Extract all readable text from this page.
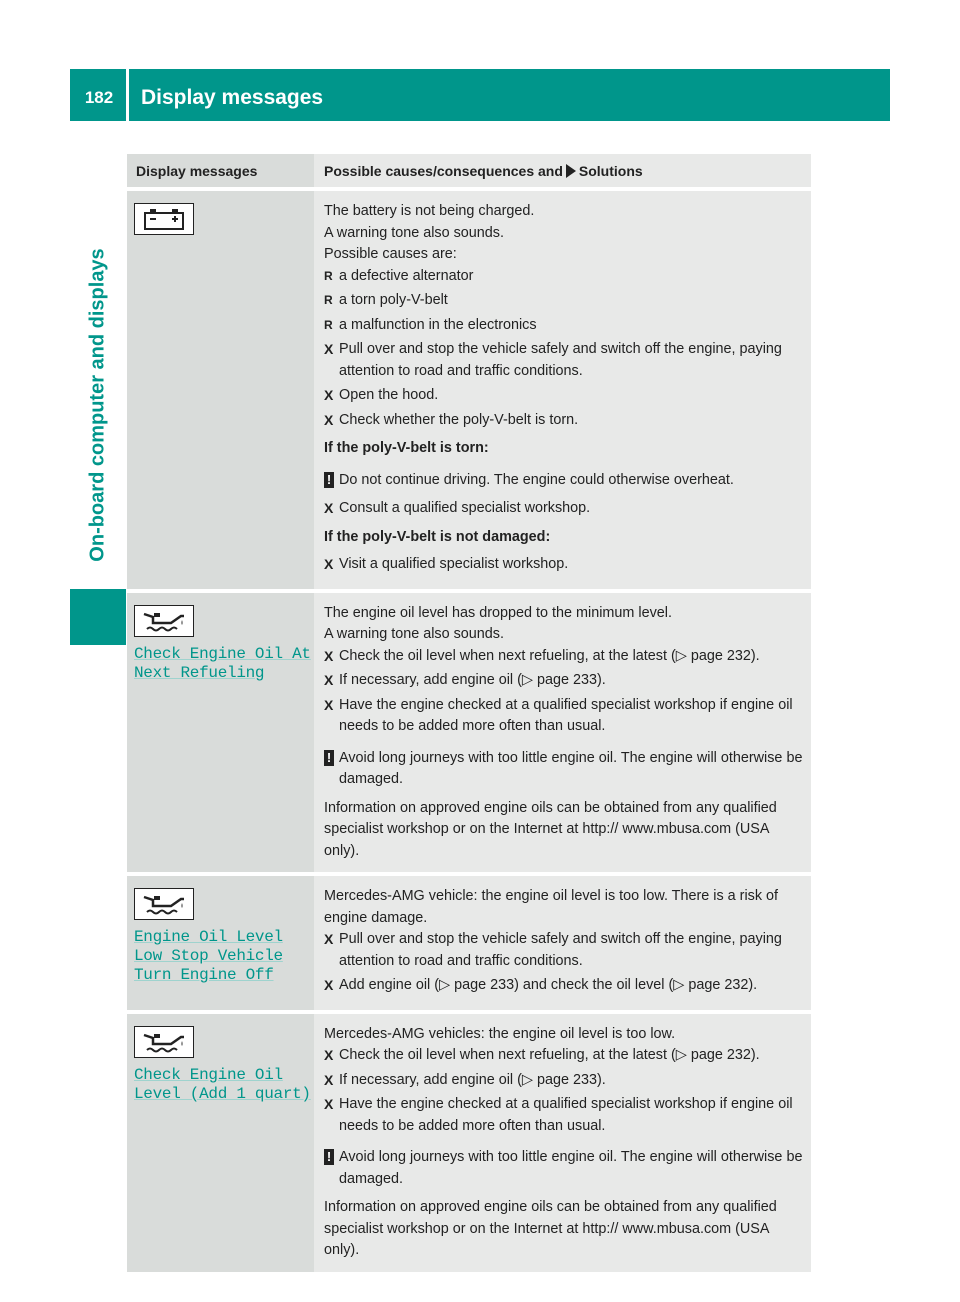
182	Display messages
On-board computer and displays
Display messages	Possible causes/consequences and Solutions
The battery is not being charged.
A warning tone also sounds.
Possible causes are:
R a defective alternator
R a torn poly-V-belt
R a malfunction in the electronics
X Pull over and stop the vehicle safely and switch off the engine, paying attention to road and traffic conditions.
X Open the hood.
X Check whether the poly-V-belt is torn.
If the poly-V-belt is torn:
! Do not continue driving. The engine could otherwise overheat.
X Consult a qualified specialist workshop.
If the poly-V-belt is not damaged:
X Visit a qualified specialist workshop.
Check Engine Oil At
Next Refueling
The engine oil level has dropped to the minimum level.
A warning tone also sounds.
X Check the oil level when next refueling, at the latest (▷ page 232).
X If necessary, add engine oil (▷ page 233).
X Have the engine checked at a qualified specialist workshop if engine oil needs to be added more often than usual.
! Avoid long journeys with too little engine oil. The engine will otherwise be damaged.
Information on approved engine oils can be obtained from any qualified specialist workshop or on the Internet at http:// www.mbusa.com (USA only).
Engine Oil Level
Low Stop Vehicle
Turn Engine Off
Mercedes-AMG vehicle: the engine oil level is too low. There is a risk of engine damage.
X Pull over and stop the vehicle safely and switch off the engine, paying attention to road and traffic conditions.
X Add engine oil (▷ page 233) and check the oil level (▷ page 232).
Check Engine Oil
Level (Add 1 quart)
Mercedes-AMG vehicles: the engine oil level is too low.
X Check the oil level when next refueling, at the latest (▷ page 232).
X If necessary, add engine oil (▷ page 233).
X Have the engine checked at a qualified specialist workshop if engine oil needs to be added more often than usual.
! Avoid long journeys with too little engine oil. The engine will otherwise be damaged.
Information on approved engine oils can be obtained from any qualified specialist workshop or on the Internet at http:// www.mbusa.com (USA only).
